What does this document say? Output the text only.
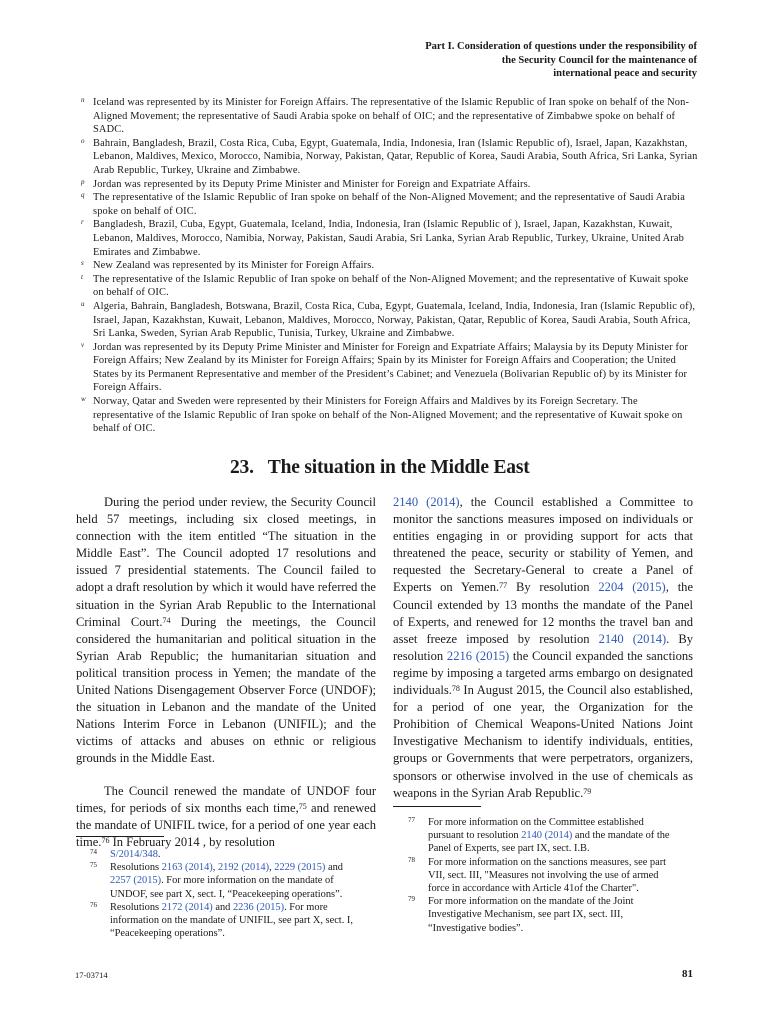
Part I. Consideration of questions under the responsibility of
the Security Council for the maintenance of
international peace and security
n Iceland was represented by its Minister for Foreign Affairs. The representative of the Islamic Republic of Iran spoke on behalf of the Non-Aligned Movement; the representative of Saudi Arabia spoke on behalf of OIC; and the representative of Zimbabwe spoke on behalf of SADC.
o Bahrain, Bangladesh, Brazil, Costa Rica, Cuba, Egypt, Guatemala, India, Indonesia, Iran (Islamic Republic of), Israel, Japan, Kazakhstan, Lebanon, Maldives, Mexico, Morocco, Namibia, Norway, Pakistan, Qatar, Republic of Korea, Saudi Arabia, South Africa, Sri Lanka, Syrian Arab Republic, Turkey, Ukraine and Zimbabwe.
p Jordan was represented by its Deputy Prime Minister and Minister for Foreign and Expatriate Affairs.
q The representative of the Islamic Republic of Iran spoke on behalf of the Non-Aligned Movement; and the representative of Saudi Arabia spoke on behalf of OIC.
r Bangladesh, Brazil, Cuba, Egypt, Guatemala, Iceland, India, Indonesia, Iran (Islamic Republic of ), Israel, Japan, Kazakhstan, Kuwait, Lebanon, Maldives, Morocco, Namibia, Norway, Pakistan, Saudi Arabia, Sri Lanka, Syrian Arab Republic, Turkey, Ukraine, United Arab Emirates and Zimbabwe.
s New Zealand was represented by its Minister for Foreign Affairs.
t The representative of the Islamic Republic of Iran spoke on behalf of the Non-Aligned Movement; and the representative of Kuwait spoke on behalf of OIC.
u Algeria, Bahrain, Bangladesh, Botswana, Brazil, Costa Rica, Cuba, Egypt, Guatemala, Iceland, India, Indonesia, Iran (Islamic Republic of), Israel, Japan, Kazakhstan, Kuwait, Lebanon, Maldives, Morocco, Norway, Pakistan, Qatar, Republic of Korea, Saudi Arabia, South Africa, Sri Lanka, Sweden, Syrian Arab Republic, Tunisia, Turkey, Ukraine and Zimbabwe.
v Jordan was represented by its Deputy Prime Minister and Minister for Foreign and Expatriate Affairs; Malaysia by its Deputy Minister for Foreign Affairs; New Zealand by its Minister for Foreign Affairs; Spain by its Minister for Foreign Affairs and Cooperation; the United States by its Permanent Representative and member of the President’s Cabinet; and Venezuela (Bolivarian Republic of) by its Minister for Foreign Affairs.
w Norway, Qatar and Sweden were represented by their Ministers for Foreign Affairs and Maldives by its Foreign Secretary. The representative of the Islamic Republic of Iran spoke on behalf of the Non-Aligned Movement; and the representative of Kuwait spoke on behalf of OIC.
23. The situation in the Middle East

During the period under review, the Security Council held 57 meetings, including six closed meetings, in connection with the item entitled “The situation in the Middle East”. The Council adopted 17 resolutions and issued 7 presidential statements. The Council failed to adopt a draft resolution by which it would have referred the situation in the Syrian Arab Republic to the International Criminal Court.$^{74}$ During the meetings, the Council considered the humanitarian and political situation in the Syrian Arab Republic; the humanitarian situation and political transition process in Yemen; the mandate of the United Nations Disengagement Observer Force (UNDOF); the situation in Lebanon and the mandate of the United Nations Interim Force in Lebanon (UNIFIL); and the victims of attacks and abuses on ethnic or religious grounds in the Middle East.

The Council renewed the mandate of UNDOF four times, for periods of six months each time,$^{75}$ and renewed the mandate of UNIFIL twice, for a period of one year each time.$^{76}$ In February 2014 , by resolution

2140 (2014), the Council established a Committee to monitor the sanctions measures imposed on individuals or entities engaging in or providing support for acts that threatened the peace, security or stability of Yemen, and requested the Secretary-General to create a Panel of Experts on Yemen.$^{77}$ By resolution 2204 (2015), the Council extended by 13 months the mandate of the Panel of Experts, and renewed for 12 months the travel ban and asset freeze imposed by resolution 2140 (2014). By resolution 2216 (2015) the Council expanded the sanctions regime by imposing a targeted arms embargo on designated individuals.$^{78}$ In August 2015, the Council also established, for a period of one year, the Organization for the Prohibition of Chemical Weapons-United Nations Joint Investigative Mechanism to identify individuals, entities, groups or Governments that were perpetrators, organizers, sponsors or otherwise involved in the use of chemicals as weapons in the Syrian Arab Republic.$^{79}$

74 S/2014/348.
75 Resolutions 2163 (2014), 2192 (2014), 2229 (2015) and 2257 (2015). For more information on the mandate of UNDOF, see part X, sect. I, “Peacekeeping operations”.
76 Resolutions 2172 (2014) and 2236 (2015). For more information on the mandate of UNIFIL, see part X, sect. I, “Peacekeeping operations”.
77 For more information on the Committee established pursuant to resolution 2140 (2014) and the mandate of the Panel of Experts, see part IX, sect. I.B.
78 For more information on the sanctions measures, see part VII, sect. III, "Measures not involving the use of armed force in accordance with Article 41of the Charter".
79 For more information on the mandate of the Joint Investigative Mechanism, see part IX, sect. III, “Investigative bodies”.
17-03714	81
